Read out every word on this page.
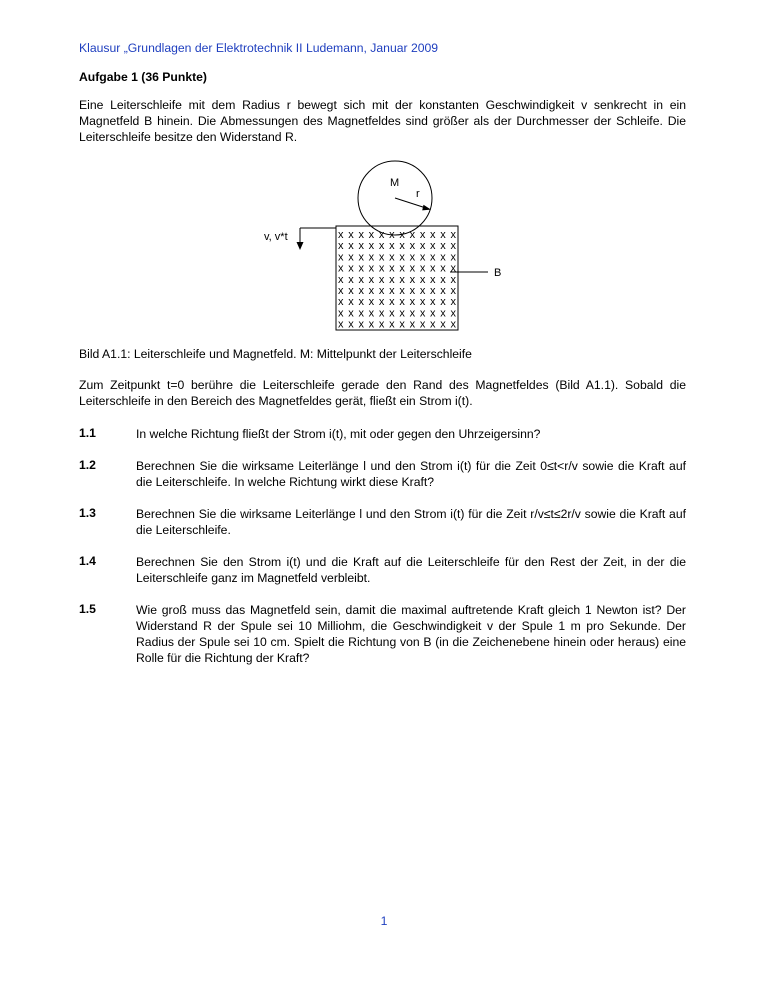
Klausur „Grundlagen der Elektrotechnik II Ludemann, Januar 2009
Aufgabe 1 (36 Punkte)

Eine Leiterschleife mit dem Radius r bewegt sich mit der konstanten Geschwindigkeit v senkrecht in ein Magnetfeld B hinein. Die Abmessungen des Magnetfeldes sind größer als der Durchmesser der Schleife. Die Leiterschleife besitze den Widerstand R.

xxxxxxxxxxxx
xxxxxxxxxxxx
xxxxxxxxxxxx
xxxxxxxxxxxx
xxxxxxxxxxxx
xxxxxxxxxxxx
xxxxxxxxxxxx
xxxxxxxxxxxx
xxxxxxxxxxxx
M
r
v, v*t
B

Bild A1.1: Leiterschleife und Magnetfeld. M: Mittelpunkt der Leiterschleife

Zum Zeitpunkt t=0 berühre die Leiterschleife gerade den Rand des Magnetfeldes (Bild A1.1). Sobald die Leiterschleife in den Bereich des Magnetfeldes gerät, fließt ein Strom i(t).

1.1	In welche Richtung fließt der Strom i(t), mit oder gegen den Uhrzeigersinn?

1.2	Berechnen Sie die wirksame Leiterlänge l und den Strom i(t) für die Zeit 0≤t<r/v sowie die Kraft auf die Leiterschleife. In welche Richtung wirkt diese Kraft?

1.3	Berechnen Sie die wirksame Leiterlänge l und den Strom i(t) für die Zeit r/v≤t≤2r/v sowie die Kraft auf die Leiterschleife.

1.4	Berechnen Sie den Strom i(t) und die Kraft auf die Leiterschleife für den Rest der Zeit, in der die Leiterschleife ganz im Magnetfeld verbleibt.

1.5	Wie groß muss das Magnetfeld sein, damit die maximal auftretende Kraft gleich 1 Newton ist? Der Widerstand R der Spule sei 10 Milliohm, die Geschwindigkeit v der Spule 1 m pro Sekunde. Der Radius der Spule sei 10 cm. Spielt die Richtung von B (in die Zeichenebene hinein oder heraus) eine Rolle für die Richtung der Kraft?

1
